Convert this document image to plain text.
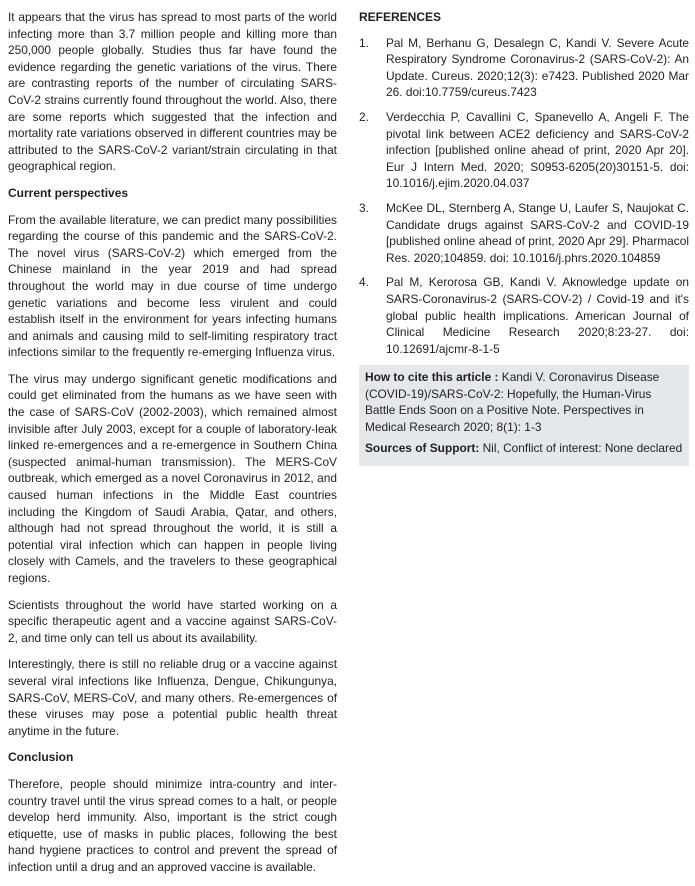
It appears that the virus has spread to most parts of the world infecting more than 3.7 million people and killing more than 250,000 people globally. Studies thus far have found the evidence regarding the genetic variations of the virus. There are contrasting reports of the number of circulating SARS-CoV-2 strains currently found throughout the world. Also, there are some reports which suggested that the infection and mortality rate variations observed in different countries may be attributed to the SARS-CoV-2 variant/strain circulating in that geographical region.

Current perspectives

From the available literature, we can predict many possibilities regarding the course of this pandemic and the SARS-CoV-2. The novel virus (SARS-CoV-2) which emerged from the Chinese mainland in the year 2019 and had spread throughout the world may in due course of time undergo genetic variations and become less virulent and could establish itself in the environment for years infecting humans and animals and causing mild to self-limiting respiratory tract infections similar to the frequently re-emerging Influenza virus.

The virus may undergo significant genetic modifications and could get eliminated from the humans as we have seen with the case of SARS-CoV (2002-2003), which remained almost invisible after July 2003, except for a couple of laboratory-leak linked re-emergences and a re-emergence in Southern China (suspected animal-human transmission). The MERS-CoV outbreak, which emerged as a novel Coronavirus in 2012, and caused human infections in the Middle East countries including the Kingdom of Saudi Arabia, Qatar, and others, although had not spread throughout the world, it is still a potential viral infection which can happen in people living closely with Camels, and the travelers to these geographical regions.

Scientists throughout the world have started working on a specific therapeutic agent and a vaccine against SARS-CoV-2, and time only can tell us about its availability.

Interestingly, there is still no reliable drug or a vaccine against several viral infections like Influenza, Dengue, Chikungunya, SARS-CoV, MERS-CoV, and many others. Re-emergences of these viruses may pose a potential public health threat anytime in the future.

Conclusion

Therefore, people should minimize intra-country and inter-country travel until the virus spread comes to a halt, or people develop herd immunity. Also, important is the strict cough etiquette, use of masks in public places, following the best hand hygiene practices to control and prevent the spread of infection until a drug and an approved vaccine is available.

REFERENCES
1.	Pal M, Berhanu G, Desalegn C, Kandi V. Severe Acute Respiratory Syndrome Coronavirus-2 (SARS-CoV-2): An Update. Cureus. 2020;12(3): e7423. Published 2020 Mar 26. doi:10.7759/cureus.7423
2.	Verdecchia P, Cavallini C, Spanevello A, Angeli F. The pivotal link between ACE2 deficiency and SARS-CoV-2 infection [published online ahead of print, 2020 Apr 20]. Eur J Intern Med. 2020; S0953-6205(20)30151-5. doi: 10.1016/j.ejim.2020.04.037
3.	McKee DL, Sternberg A, Stange U, Laufer S, Naujokat C. Candidate drugs against SARS-CoV-2 and COVID-19 [published online ahead of print, 2020 Apr 29]. Pharmacol Res. 2020;104859. doi: 10.1016/j.phrs.2020.104859
4.	Pal M, Kerorosa GB, Kandi V. Aknowledge update on SARS-Coronavirus-2 (SARS-COV-2) / Covid-19 and it's global public health implications. American Journal of Clinical Medicine Research 2020;8:23-27. doi: 10.12691/ajcmr-8-1-5

How to cite this article : Kandi V. Coronavirus Disease (COVID-19)/SARS-CoV-2: Hopefully, the Human-Virus Battle Ends Soon on a Positive Note. Perspectives in Medical Research 2020; 8(1): 1-3

Sources of Support: Nil, Conflict of interest: None declared
